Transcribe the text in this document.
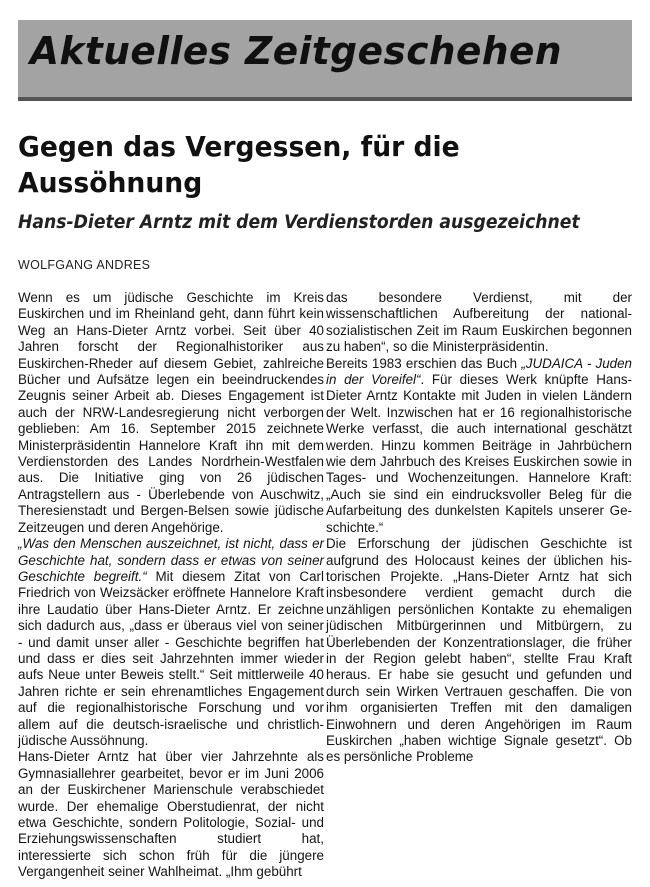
Aktuelles Zeitgeschehen
Gegen das Vergessen, für die Aussöhnung
Hans-Dieter Arntz mit dem Verdienstorden ausgezeichnet
WOLFGANG ANDRES

Wenn es um jüdische Geschichte im Kreis Euskirchen und im Rheinland geht, dann führt kein Weg an Hans-Dieter Arntz vorbei. Seit über 40 Jahren forscht der Regionalhistoriker aus Euskirchen-Rheder auf diesem Gebiet, zahlreiche Bücher und Aufsätze legen ein beeindruckendes Zeugnis seiner Arbeit ab. Dieses Engagement ist auch der NRW-Landesregierung nicht verborgen geblieben: Am 16. September 2015 zeichnete Ministerpräsidentin Hannelore Kraft ihn mit dem Verdienstorden des Landes Nordrhein-Westfalen aus. Die Initiative ging von 26 jüdischen Antragstellern aus - Überlebende von Auschwitz, Theresienstadt und Bergen-Belsen sowie jüdische Zeitzeugen und deren Angehörige.

„Was den Menschen auszeichnet, ist nicht, dass er Geschichte hat, sondern dass er etwas von seiner Geschichte begreift.“ Mit diesem Zitat von Carl Friedrich von Weizsäcker eröffnete Hannelore Kraft ihre Laudatio über Hans-Dieter Arntz. Er zeichne sich dadurch aus, „dass er überaus viel von seiner - und damit unser aller - Geschichte begriffen hat und dass er dies seit Jahrzehnten immer wieder aufs Neue unter Beweis stellt.“ Seit mittlerweile 40 Jahren richte er sein ehrenamtliches Engagement auf die regionalhistorische Forschung und vor allem auf die deutsch-israelische und christlich-jüdische Aussöhnung.

Hans-Dieter Arntz hat über vier Jahrzehnte als Gymnasiallehrer gearbeitet, bevor er im Juni 2006 an der Euskirchener Marienschule verabschiedet wurde. Der ehemalige Oberstudienrat, der nicht etwa Geschichte, sondern Politologie, Sozial- und Erziehungswissenschaften studiert hat, interessierte sich schon früh für die jüngere Vergangenheit seiner Wahlheimat. „Ihm gebührt

das besondere Verdienst, mit der wissenschaftlichen Aufbereitung der nationalsozialistischen Zeit im Raum Euskirchen begonnen zu haben“, so die Ministerpräsidentin.

Bereits 1983 erschien das Buch „JUDAICA - Juden in der Voreifel“. Für dieses Werk knüpfte Hans-Dieter Arntz Kontakte mit Juden in vielen Ländern der Welt. Inzwischen hat er 16 regionalhistorische Werke verfasst, die auch international geschätzt werden. Hinzu kommen Beiträge in Jahrbüchern wie dem Jahrbuch des Kreises Euskirchen sowie in Tages- und Wochenzeitungen. Hannelore Kraft: „Auch sie sind ein eindrucksvoller Beleg für die Aufarbeitung des dunkelsten Kapitels unserer Geschichte.“

Die Erforschung der jüdischen Geschichte ist aufgrund des Holocaust keines der üblichen historischen Projekte. „Hans-Dieter Arntz hat sich insbesondere verdient gemacht durch die unzähligen persönlichen Kontakte zu ehemaligen jüdischen Mitbürgerinnen und Mitbürgern, zu Überlebenden der Konzentrationslager, die früher in der Region gelebt haben“, stellte Frau Kraft heraus. Er habe sie gesucht und gefunden und durch sein Wirken Vertrauen geschaffen. Die von ihm organisierten Treffen mit den damaligen Einwohnern und deren Angehörigen im Raum Euskirchen „haben wichtige Signale gesetzt“. Ob es persönliche Probleme
